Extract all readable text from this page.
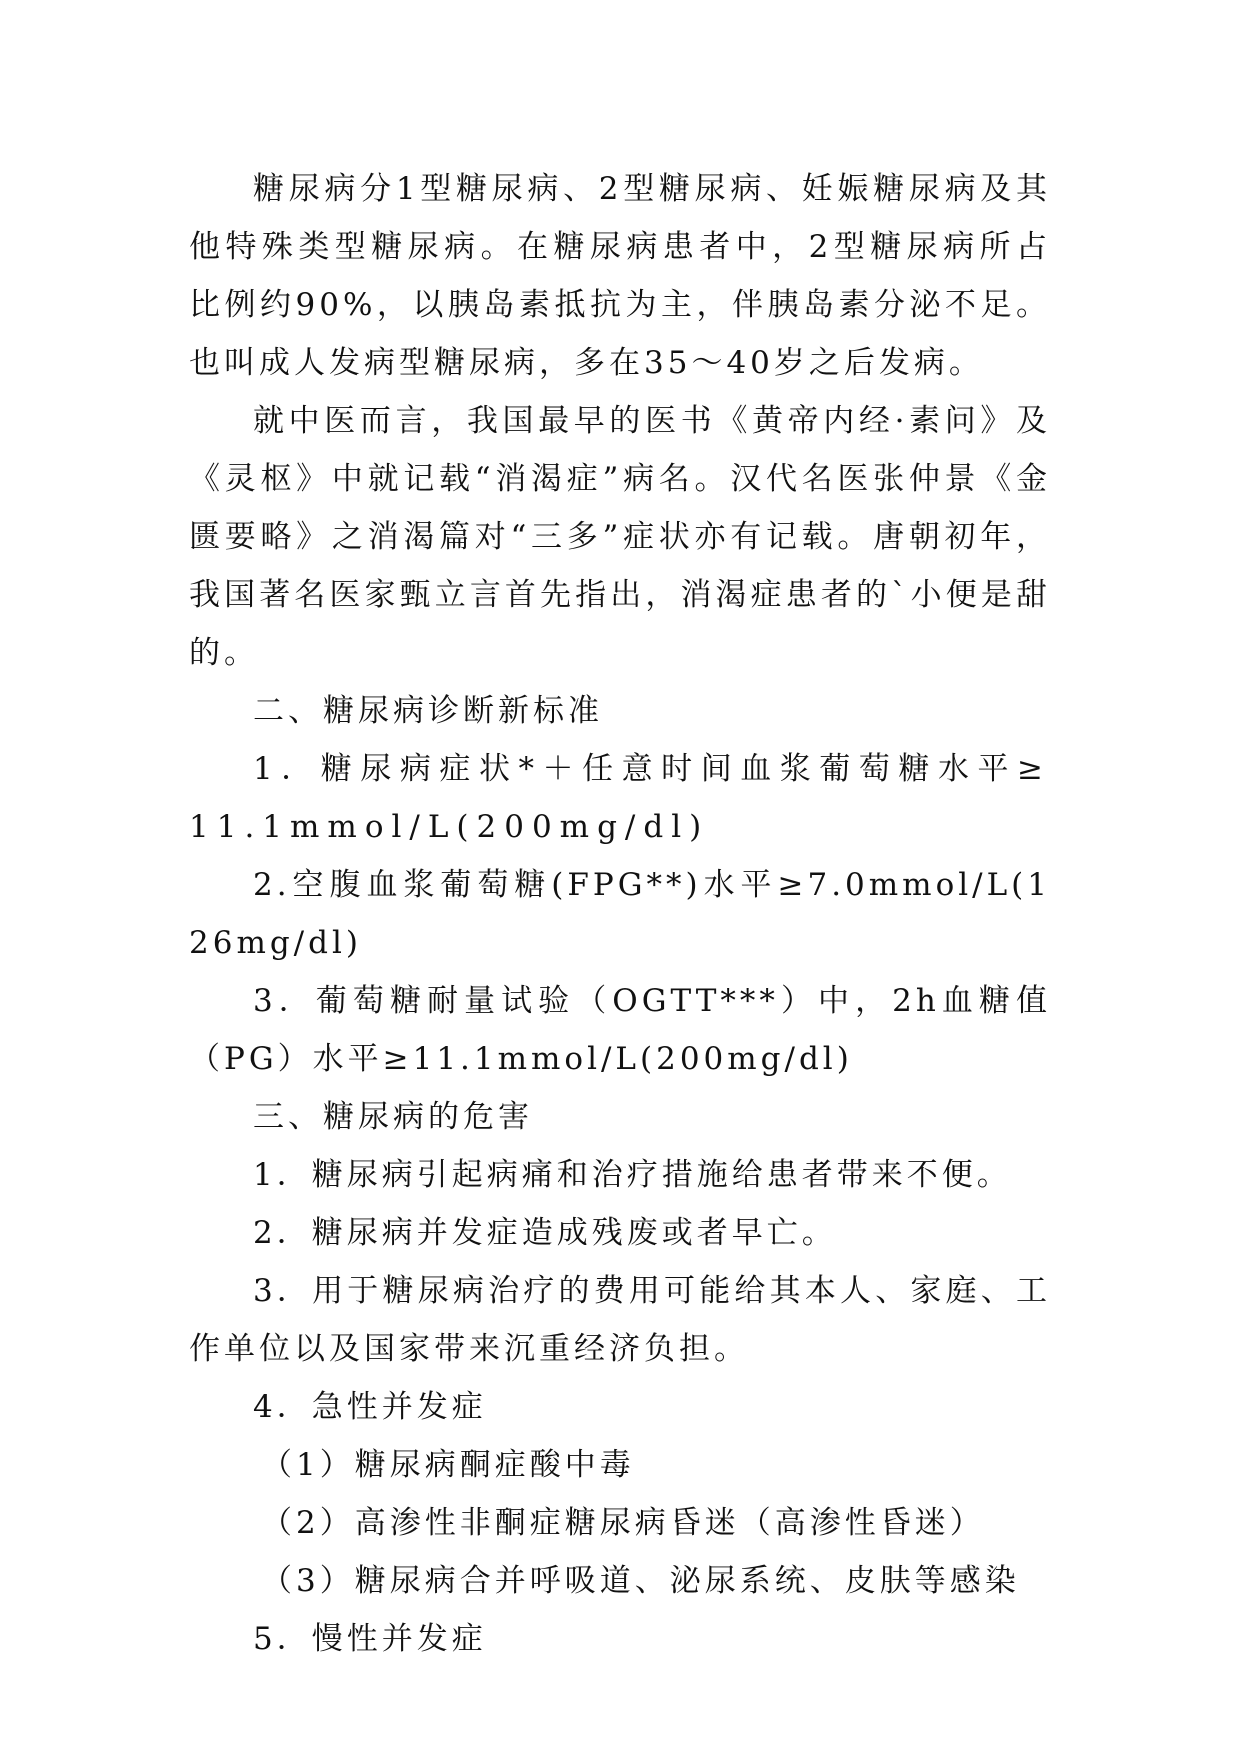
糖尿病分1型糖尿病、2型糖尿病、妊娠糖尿病及其他特殊类型糖尿病。在糖尿病患者中，2型糖尿病所占比例约90%，以胰岛素抵抗为主，伴胰岛素分泌不足。也叫成人发病型糖尿病，多在35～40岁之后发病。

就中医而言，我国最早的医书《黄帝内经·素问》及《灵枢》中就记载“消渴症”病名。汉代名医张仲景《金匮要略》之消渴篇对“三多”症状亦有记载。唐朝初年，我国著名医家甄立言首先指出，消渴症患者的`小便是甜的。

二、糖尿病诊断新标准

1．糖尿病症状*＋任意时间血浆葡萄糖水平≥11.1mmol/L(200mg/dl)

2.空腹血浆葡萄糖(FPG**)水平≥7.0mmol/L(126mg/dl)

3．葡萄糖耐量试验（OGTT***）中，2h血糖值（PG）水平≥11.1mmol/L(200mg/dl)

三、糖尿病的危害

1．糖尿病引起病痛和治疗措施给患者带来不便。

2．糖尿病并发症造成残废或者早亡。

3．用于糖尿病治疗的费用可能给其本人、家庭、工作单位以及国家带来沉重经济负担。

4．急性并发症

（1）糖尿病酮症酸中毒

（2）高渗性非酮症糖尿病昏迷（高渗性昏迷）

（3）糖尿病合并呼吸道、泌尿系统、皮肤等感染

5．慢性并发症
